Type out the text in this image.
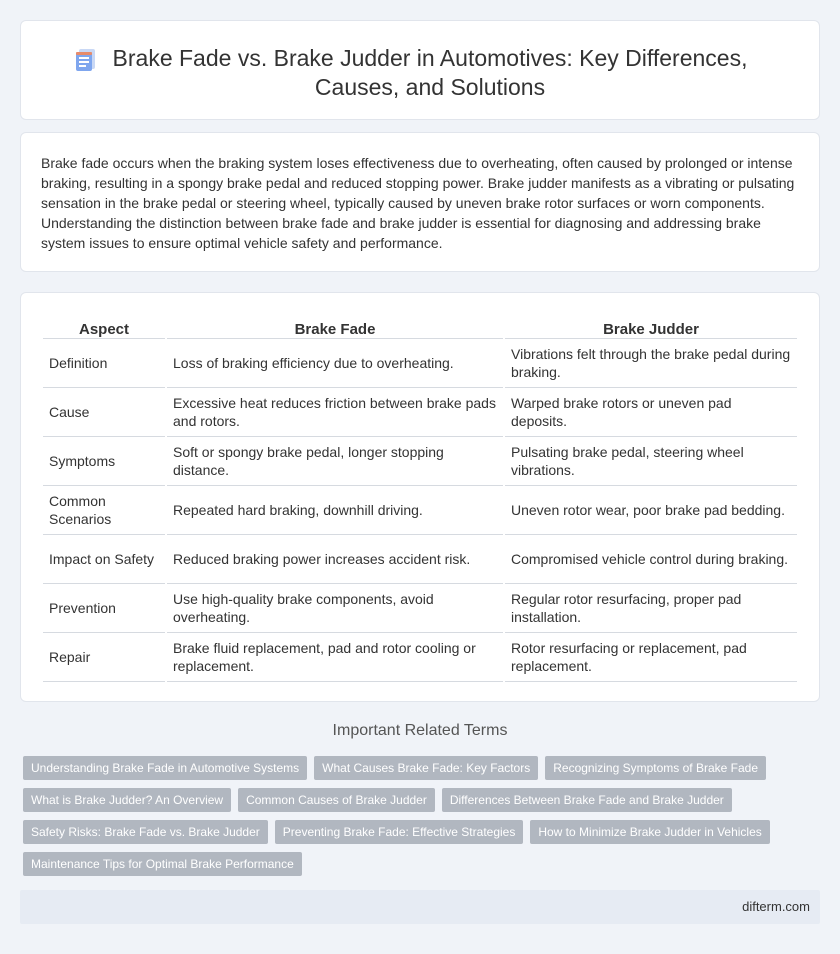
Brake Fade vs. Brake Judder in Automotives: Key Differences, Causes, and Solutions

Brake fade occurs when the braking system loses effectiveness due to overheating, often caused by prolonged or intense braking, resulting in a spongy brake pedal and reduced stopping power. Brake judder manifests as a vibrating or pulsating sensation in the brake pedal or steering wheel, typically caused by uneven brake rotor surfaces or worn components. Understanding the distinction between brake fade and brake judder is essential for diagnosing and addressing brake system issues to ensure optimal vehicle safety and performance.

Aspect	Brake Fade	Brake Judder
Definition	Loss of braking efficiency due to overheating.	Vibrations felt through the brake pedal during braking.
Cause	Excessive heat reduces friction between brake pads and rotors.	Warped brake rotors or uneven pad deposits.
Symptoms	Soft or spongy brake pedal, longer stopping distance.	Pulsating brake pedal, steering wheel vibrations.
Common Scenarios	Repeated hard braking, downhill driving.	Uneven rotor wear, poor brake pad bedding.
Impact on Safety	Reduced braking power increases accident risk.	Compromised vehicle control during braking.
Prevention	Use high-quality brake components, avoid overheating.	Regular rotor resurfacing, proper pad installation.
Repair	Brake fluid replacement, pad and rotor cooling or replacement.	Rotor resurfacing or replacement, pad replacement.
Important Related Terms
Understanding Brake Fade in Automotive Systems	What Causes Brake Fade: Key Factors	Recognizing Symptoms of Brake Fade
What is Brake Judder? An Overview	Common Causes of Brake Judder	Differences Between Brake Fade and Brake Judder
Safety Risks: Brake Fade vs. Brake Judder	Preventing Brake Fade: Effective Strategies	How to Minimize Brake Judder in Vehicles
Maintenance Tips for Optimal Brake Performance
difterm.com
